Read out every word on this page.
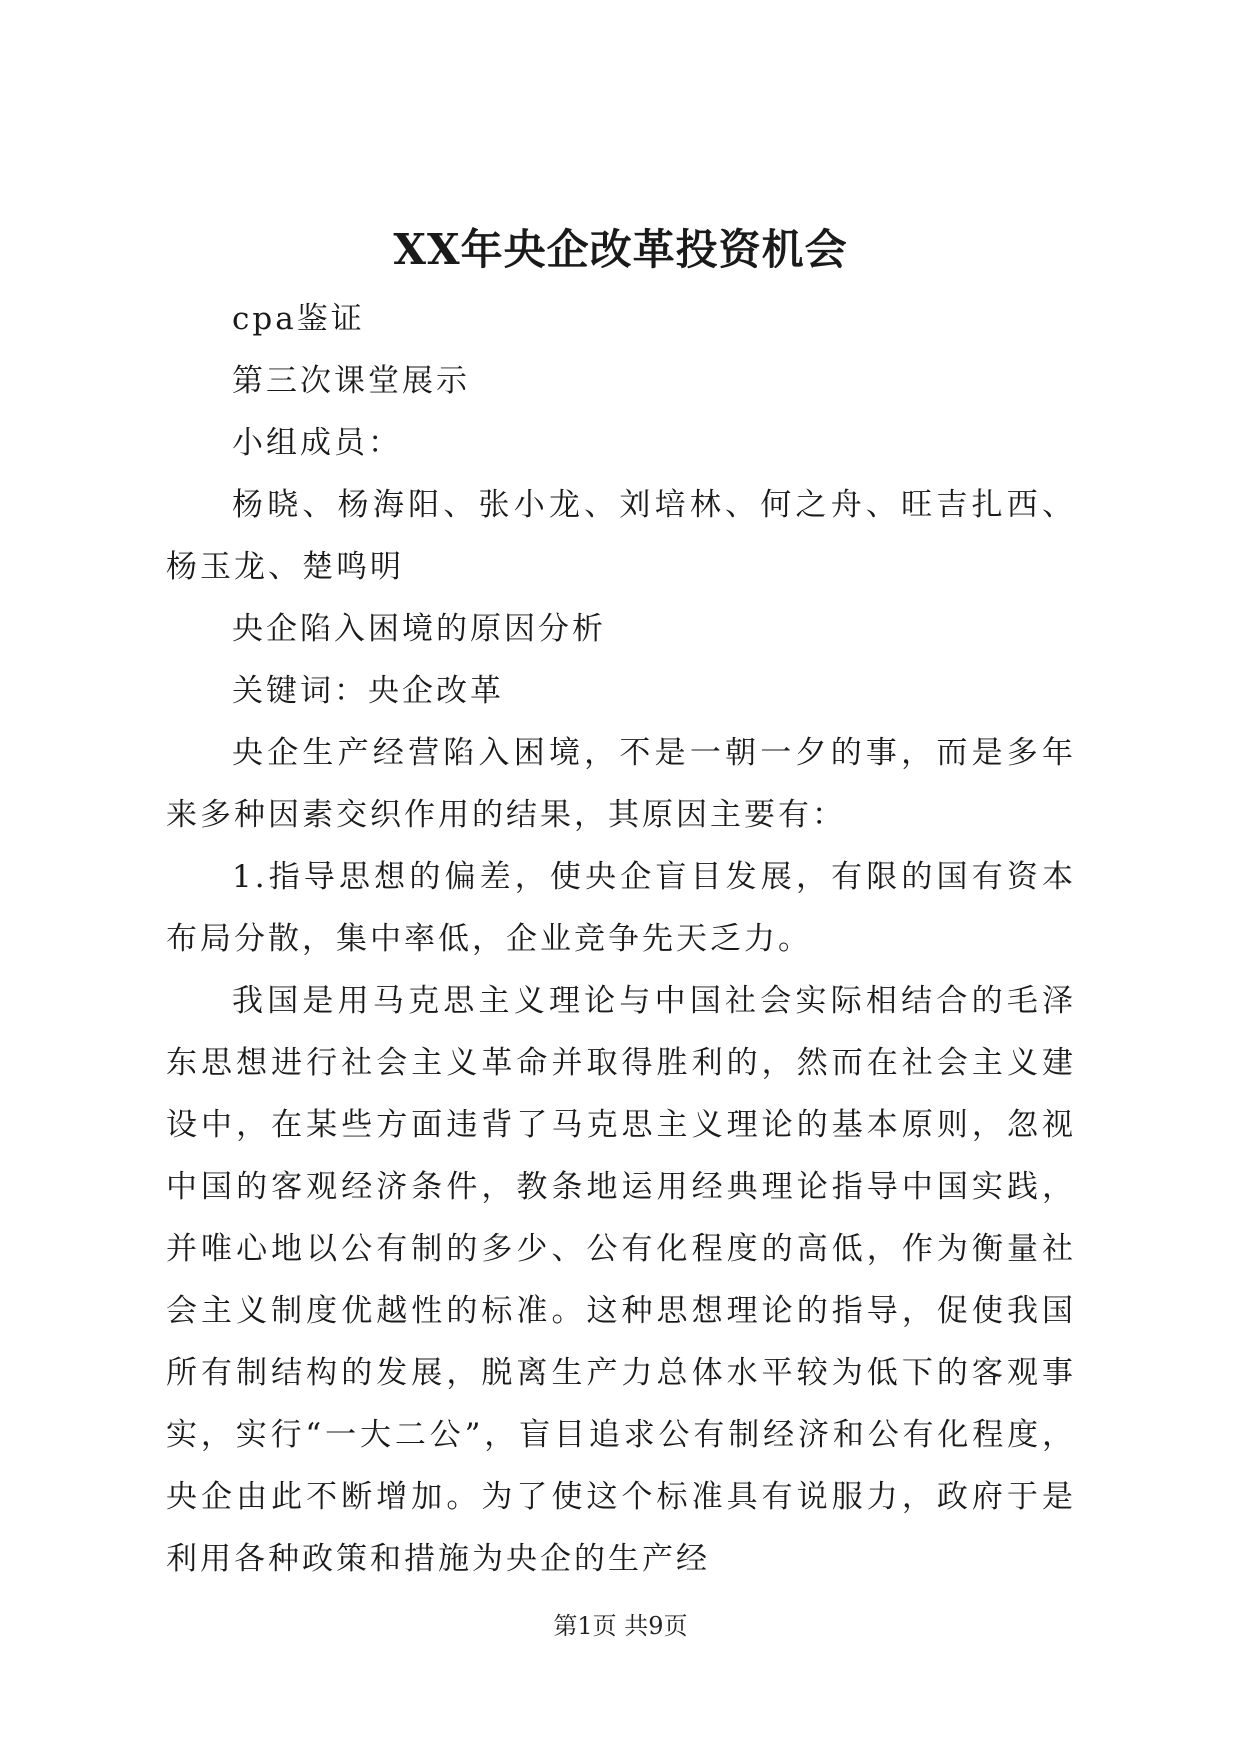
XX年央企改革投资机会

cpa鉴证

第三次课堂展示

小组成员：

杨晓、杨海阳、张小龙、刘培林、何之舟、旺吉扎西、杨玉龙、楚鸣明

央企陷入困境的原因分析

关键词：央企改革

央企生产经营陷入困境，不是一朝一夕的事，而是多年来多种因素交织作用的结果，其原因主要有：

1.指导思想的偏差，使央企盲目发展，有限的国有资本布局分散，集中率低，企业竞争先天乏力。

我国是用马克思主义理论与中国社会实际相结合的毛泽东思想进行社会主义革命并取得胜利的，然而在社会主义建设中，在某些方面违背了马克思主义理论的基本原则，忽视中国的客观经济条件，教条地运用经典理论指导中国实践，并唯心地以公有制的多少、公有化程度的高低，作为衡量社会主义制度优越性的标准。这种思想理论的指导，促使我国所有制结构的发展，脱离生产力总体水平较为低下的客观事实，实行“一大二公”，盲目追求公有制经济和公有化程度，央企由此不断增加。为了使这个标准具有说服力，政府于是利用各种政策和措施为央企的生产经

第1页 共9页
